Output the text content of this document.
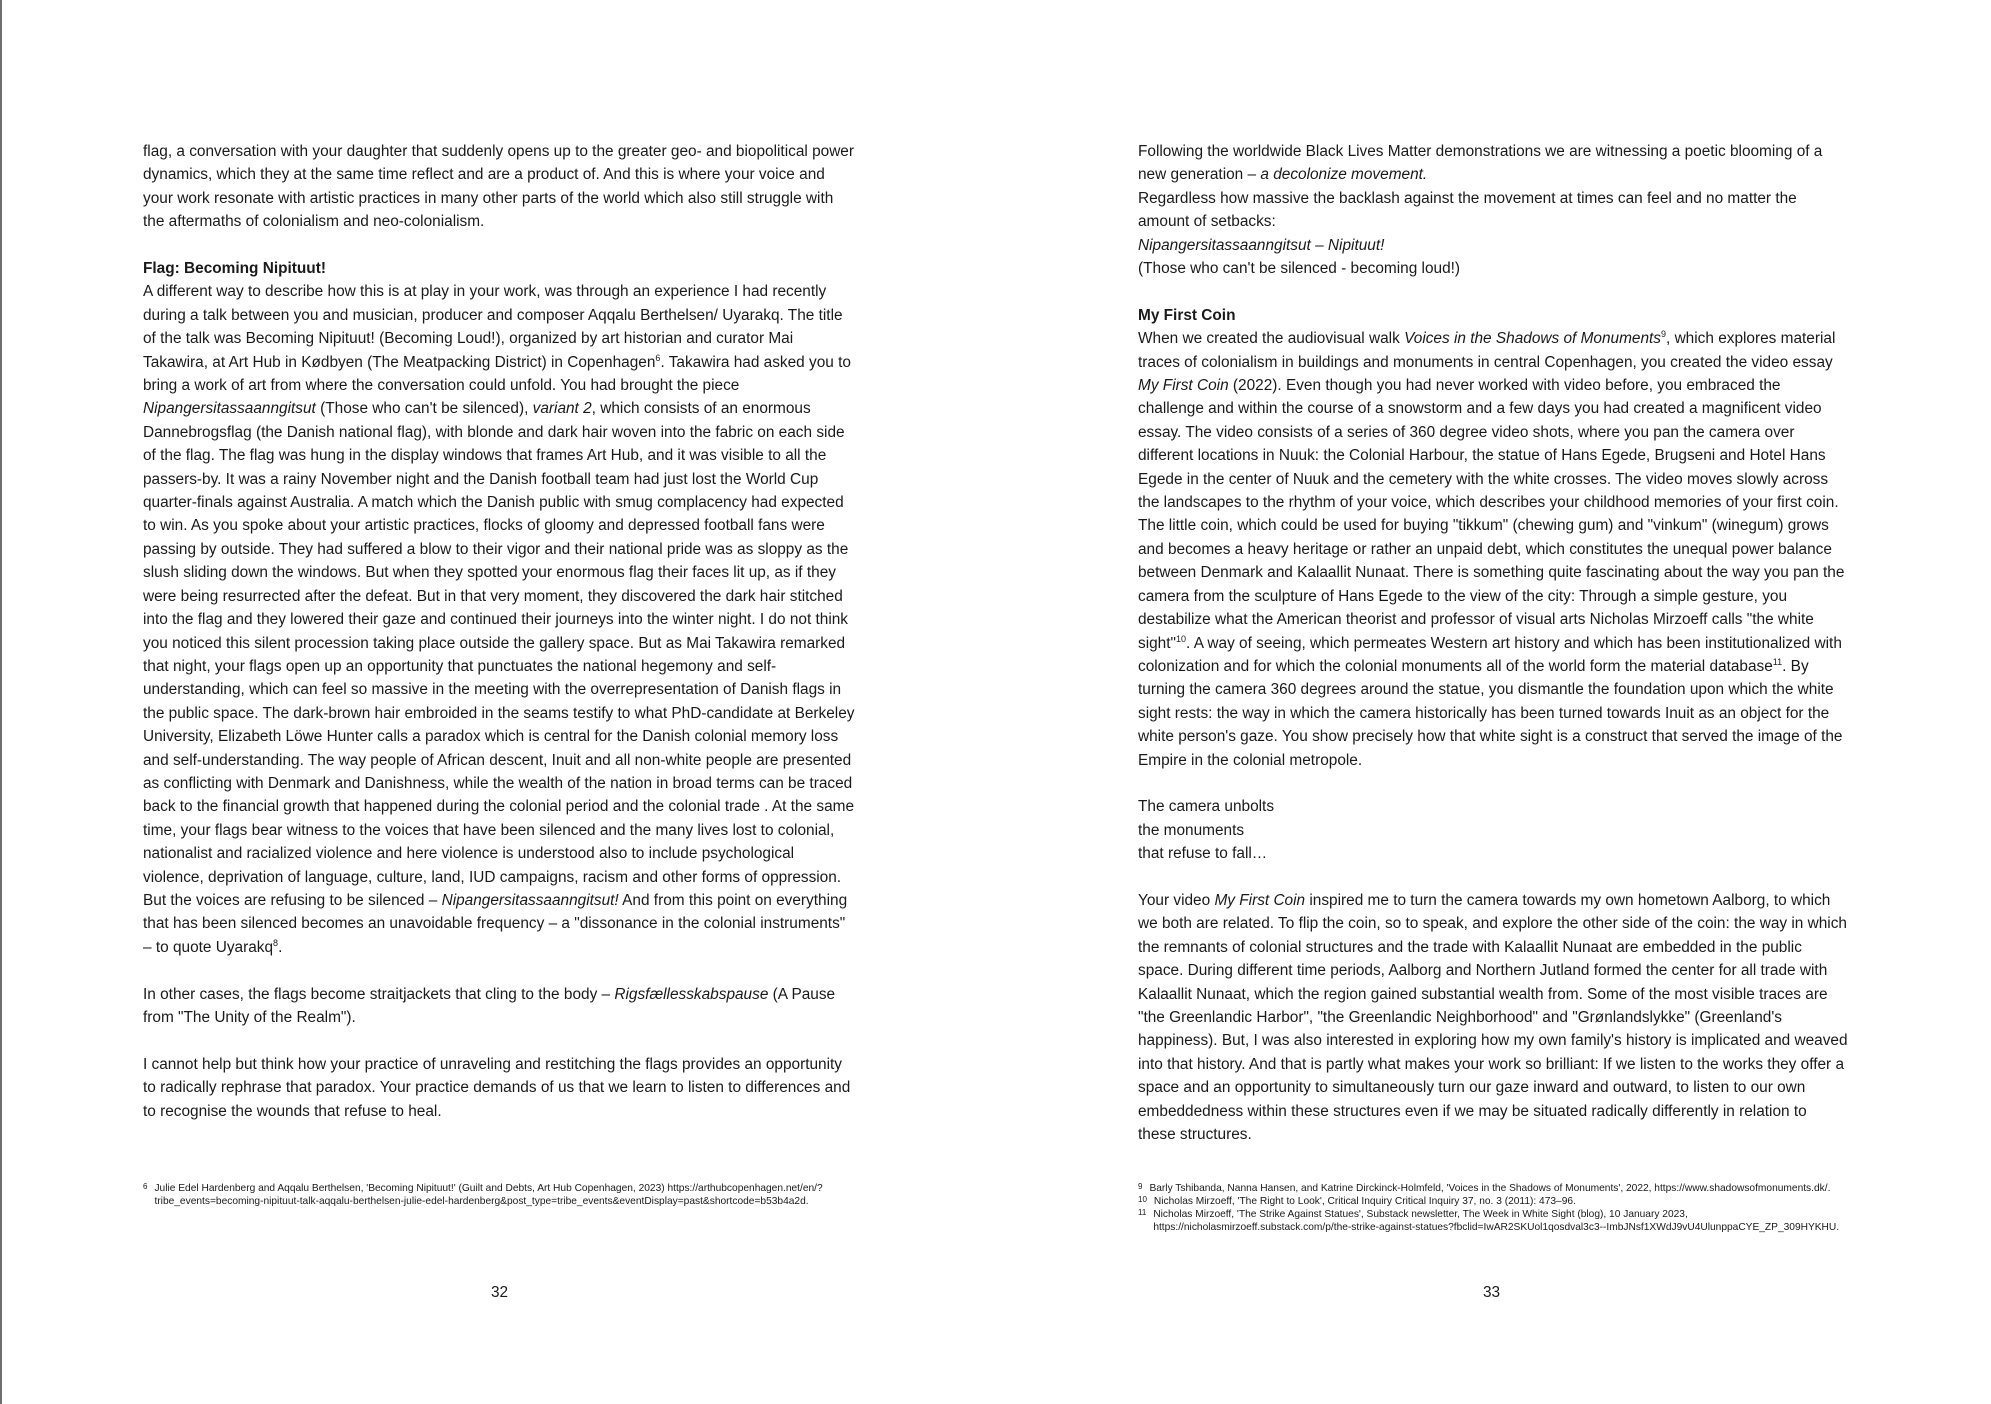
flag, a conversation with your daughter that suddenly opens up to the greater geo- and biopolitical power dynamics, which they at the same time reflect and are a product of. And this is where your voice and your work resonate with artistic practices in many other parts of the world which also still struggle with the aftermaths of colonialism and neo-colonialism.

Flag: Becoming Nipituut!

A different way to describe how this is at play in your work, was through an experience I had recently during a talk between you and musician, producer and composer Aqqalu Berthelsen/ Uyarakq. The title of the talk was Becoming Nipituut! (Becoming Loud!), organized by art historian and curator Mai Takawira, at Art Hub in Kødbyen (The Meatpacking District) in Copenhagen$^6$. Takawira had asked you to bring a work of art from where the conversation could unfold. You had brought the piece Nipangersitassaanngitsut (Those who can't be silenced), variant 2, which consists of an enormous Dannebrogsflag (the Danish national flag), with blonde and dark hair woven into the fabric on each side of the flag. The flag was hung in the display windows that frames Art Hub, and it was visible to all the passers-by. It was a rainy November night and the Danish football team had just lost the World Cup quarter-finals against Australia. A match which the Danish public with smug complacency had expected to win. As you spoke about your artistic practices, flocks of gloomy and depressed football fans were passing by outside. They had suffered a blow to their vigor and their national pride was as sloppy as the slush sliding down the windows. But when they spotted your enormous flag their faces lit up, as if they were being resurrected after the defeat. But in that very moment, they discovered the dark hair stitched into the flag and they lowered their gaze and continued their journeys into the winter night. I do not think you noticed this silent procession taking place outside the gallery space. But as Mai Takawira remarked that night, your flags open up an opportunity that punctuates the national hegemony and self-understanding, which can feel so massive in the meeting with the overrepresentation of Danish flags in the public space. The dark-brown hair embroided in the seams testify to what PhD-candidate at Berkeley University, Elizabeth Löwe Hunter calls a paradox which is central for the Danish colonial memory loss and self-understanding. The way people of African descent, Inuit and all non-white people are presented as conflicting with Denmark and Danishness, while the wealth of the nation in broad terms can be traced back to the financial growth that happened during the colonial period and the colonial trade . At the same time, your flags bear witness to the voices that have been silenced and the many lives lost to colonial, nationalist and racialized violence and here violence is understood also to include psychological violence, deprivation of language, culture, land, IUD campaigns, racism and other forms of oppression. But the voices are refusing to be silenced – Nipangersitassaanngitsut! And from this point on everything that has been silenced becomes an unavoidable frequency – a "dissonance in the colonial instruments" – to quote Uyarakq$^8$.

In other cases, the flags become straitjackets that cling to the body – Rigsfællesskabspause (A Pause from "The Unity of the Realm").

I cannot help but think how your practice of unraveling and restitching the flags provides an opportunity to radically rephrase that paradox. Your practice demands of us that we learn to listen to differences and to recognise the wounds that refuse to heal.

6 Julie Edel Hardenberg and Aqqalu Berthelsen, 'Becoming Nipituut!' (Guilt and Debts, Art Hub Copenhagen, 2023) https://arthubcopenhagen.net/en/?tribe_events=becoming-nipituut-talk-aqqalu-berthelsen-julie-edel-hardenberg&post_type=tribe_events&eventDisplay=past&shortcode=b53b4a2d.
32

Following the worldwide Black Lives Matter demonstrations we are witnessing a poetic blooming of a new generation – a decolonize movement.

Regardless how massive the backlash against the movement at times can feel and no matter the amount of setbacks:

Nipangersitassaanngitsut – Nipituut!

(Those who can't be silenced - becoming loud!)

My First Coin

When we created the audiovisual walk Voices in the Shadows of Monuments$^9$, which explores material traces of colonialism in buildings and monuments in central Copenhagen, you created the video essay My First Coin (2022). Even though you had never worked with video before, you embraced the challenge and within the course of a snowstorm and a few days you had created a magnificent video essay. The video consists of a series of 360 degree video shots, where you pan the camera over different locations in Nuuk: the Colonial Harbour, the statue of Hans Egede, Brugseni and Hotel Hans Egede in the center of Nuuk and the cemetery with the white crosses. The video moves slowly across the landscapes to the rhythm of your voice, which describes your childhood memories of your first coin. The little coin, which could be used for buying "tikkum" (chewing gum) and "vinkum" (winegum) grows and becomes a heavy heritage or rather an unpaid debt, which constitutes the unequal power balance between Denmark and Kalaallit Nunaat. There is something quite fascinating about the way you pan the camera from the sculpture of Hans Egede to the view of the city: Through a simple gesture, you destabilize what the American theorist and professor of visual arts Nicholas Mirzoeff calls "the white sight"$^{10}$. A way of seeing, which permeates Western art history and which has been institutionalized with colonization and for which the colonial monuments all of the world form the material database$^{11}$. By turning the camera 360 degrees around the statue, you dismantle the foundation upon which the white sight rests: the way in which the camera historically has been turned towards Inuit as an object for the white person's gaze. You show precisely how that white sight is a construct that served the image of the Empire in the colonial metropole.

The camera unbolts

the monuments

that refuse to fall…

Your video My First Coin inspired me to turn the camera towards my own hometown Aalborg, to which we both are related. To flip the coin, so to speak, and explore the other side of the coin: the way in which the remnants of colonial structures and the trade with Kalaallit Nunaat are embedded in the public space. During different time periods, Aalborg and Northern Jutland formed the center for all trade with Kalaallit Nunaat, which the region gained substantial wealth from. Some of the most visible traces are "the Greenlandic Harbor", "the Greenlandic Neighborhood" and "Grønlandslykke" (Greenland's happiness). But, I was also interested in exploring how my own family's history is implicated and weaved into that history. And that is partly what makes your work so brilliant: If we listen to the works they offer a space and an opportunity to simultaneously turn our gaze inward and outward, to listen to our own embeddedness within these structures even if we may be situated radically differently in relation to these structures.

9 Barly Tshibanda, Nanna Hansen, and Katrine Dirckinck-Holmfeld, 'Voices in the Shadows of Monuments', 2022, https://www.shadowsofmonuments.dk/.
10 Nicholas Mirzoeff, 'The Right to Look', Critical Inquiry Critical Inquiry 37, no. 3 (2011): 473–96.
11 Nicholas Mirzoeff, 'The Strike Against Statues', Substack newsletter, The Week in White Sight (blog), 10 January 2023, https://nicholasmirzoeff.substack.com/p/the-strike-against-statues?fbclid=IwAR2SKUol1qosdval3c3--ImbJNsf1XWdJ9vU4UlunppaCYE_ZP_309HYKHU.
33
